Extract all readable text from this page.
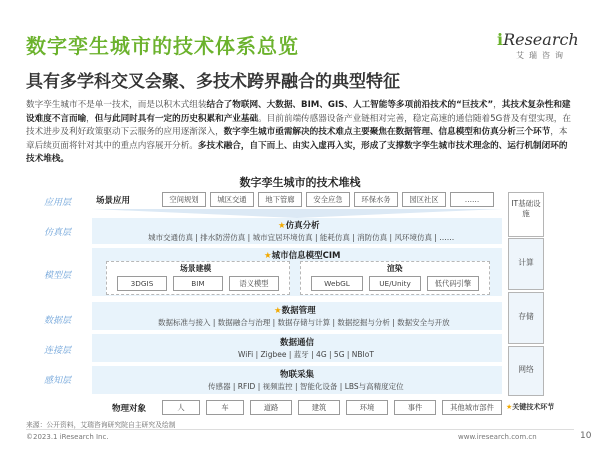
数字孪生城市的技术体系总览
具有多学科交叉会聚、多技术跨界融合的典型特征
iResearch
艾瑞咨询
数字孪生城市不是单一技术，而是以积木式组装结合了物联网、大数据、BIM、GIS、人工智能等多项前沿技术的“巨技术”，其技术复杂性和建设难度不言而喻，但与此同时具有一定的历史积累和产业基础。目前前端传感器设备产业链相对完善，稳定高速的通信随着5G普及有望实现，在技术进步及利好政策驱动下云服务的应用逐渐深入，数字孪生城市亟需解决的技术难点主要聚焦在数据管理、信息模型和仿真分析三个环节，本章后续页面将针对其中的重点内容展开分析。多技术融合，自下而上、由实入虚再入实，形成了支撑数字孪生城市技术理念的、运行机制闭环的技术堆栈。
数字孪生城市的技术堆栈
应用层
仿真层
模型层
数据层
连接层
感知层
场景应用	空间规划	城区交通	地下管廊	安全应急	环保水务	园区社区	……
★仿真分析
城市交通仿真 | 排水防涝仿真 | 城市宜居环境仿真 | 能耗仿真 | 消防仿真 | 风环境仿真 | ……
★城市信息模型CIM
场景建模
3DGIS	BIM	语义模型
渲染
WebGL	UE/Unity	低代码引擎
★数据管理
数据标准与接入 | 数据融合与治理 | 数据存储与计算 | 数据挖掘与分析 | 数据安全与开放
数据通信
WiFi | Zigbee | 蓝牙 | 4G | 5G | NBIoT
物联采集
传感器 | RFID | 视频监控 | 智能化设备 | LBS与高精度定位
物理对象	人	车	道路	建筑	环境	事件	其他城市部件
IT基础设施
计算
存储
网络
★关键技术环节
来源：公开资料，艾瑞咨询研究院自主研究及绘制
©2023.1 iResearch Inc.	www.iresearch.com.cn	10
